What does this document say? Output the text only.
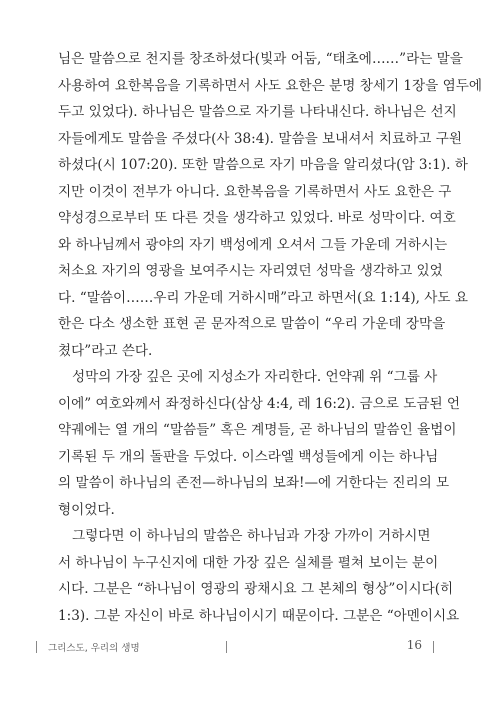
님은 말씀으로 천지를 창조하셨다(빛과 어둠, “태초에……”라는 말을
사용하여 요한복음을 기록하면서 사도 요한은 분명 창세기 1장을 염두에
두고 있었다). 하나님은 말씀으로 자기를 나타내신다. 하나님은 선지
자들에게도 말씀을 주셨다(사 38:4). 말씀을 보내셔서 치료하고 구원
하셨다(시 107:20). 또한 말씀으로 자기 마음을 알리셨다(암 3:1). 하
지만 이것이 전부가 아니다. 요한복음을 기록하면서 사도 요한은 구
약성경으로부터 또 다른 것을 생각하고 있었다. 바로 성막이다. 여호
와 하나님께서 광야의 자기 백성에게 오셔서 그들 가운데 거하시는
처소요 자기의 영광을 보여주시는 자리였던 성막을 생각하고 있었
다. “말씀이……우리 가운데 거하시매”라고 하면서(요 1:14), 사도 요
한은 다소 생소한 표현 곧 문자적으로 말씀이 “우리 가운데 장막을
쳤다”라고 쓴다.
성막의 가장 깊은 곳에 지성소가 자리한다. 언약궤 위 “그룹 사
이에” 여호와께서 좌정하신다(삼상 4:4, 레 16:2). 금으로 도금된 언
약궤에는 열 개의 “말씀들” 혹은 계명들, 곧 하나님의 말씀인 율법이
기록된 두 개의 돌판을 두었다. 이스라엘 백성들에게 이는 하나님
의 말씀이 하나님의 존전—하나님의 보좌!—에 거한다는 진리의 모
형이었다.
그렇다면 이 하나님의 말씀은 하나님과 가장 가까이 거하시면
서 하나님이 누구신지에 대한 가장 깊은 실체를 펼쳐 보이는 분이
시다. 그분은 “하나님이 영광의 광채시요 그 본체의 형상”이시다(히
1:3). 그분 자신이 바로 하나님이시기 때문이다. 그분은 “아멘이시요
그리스도, 우리의 생명	16
